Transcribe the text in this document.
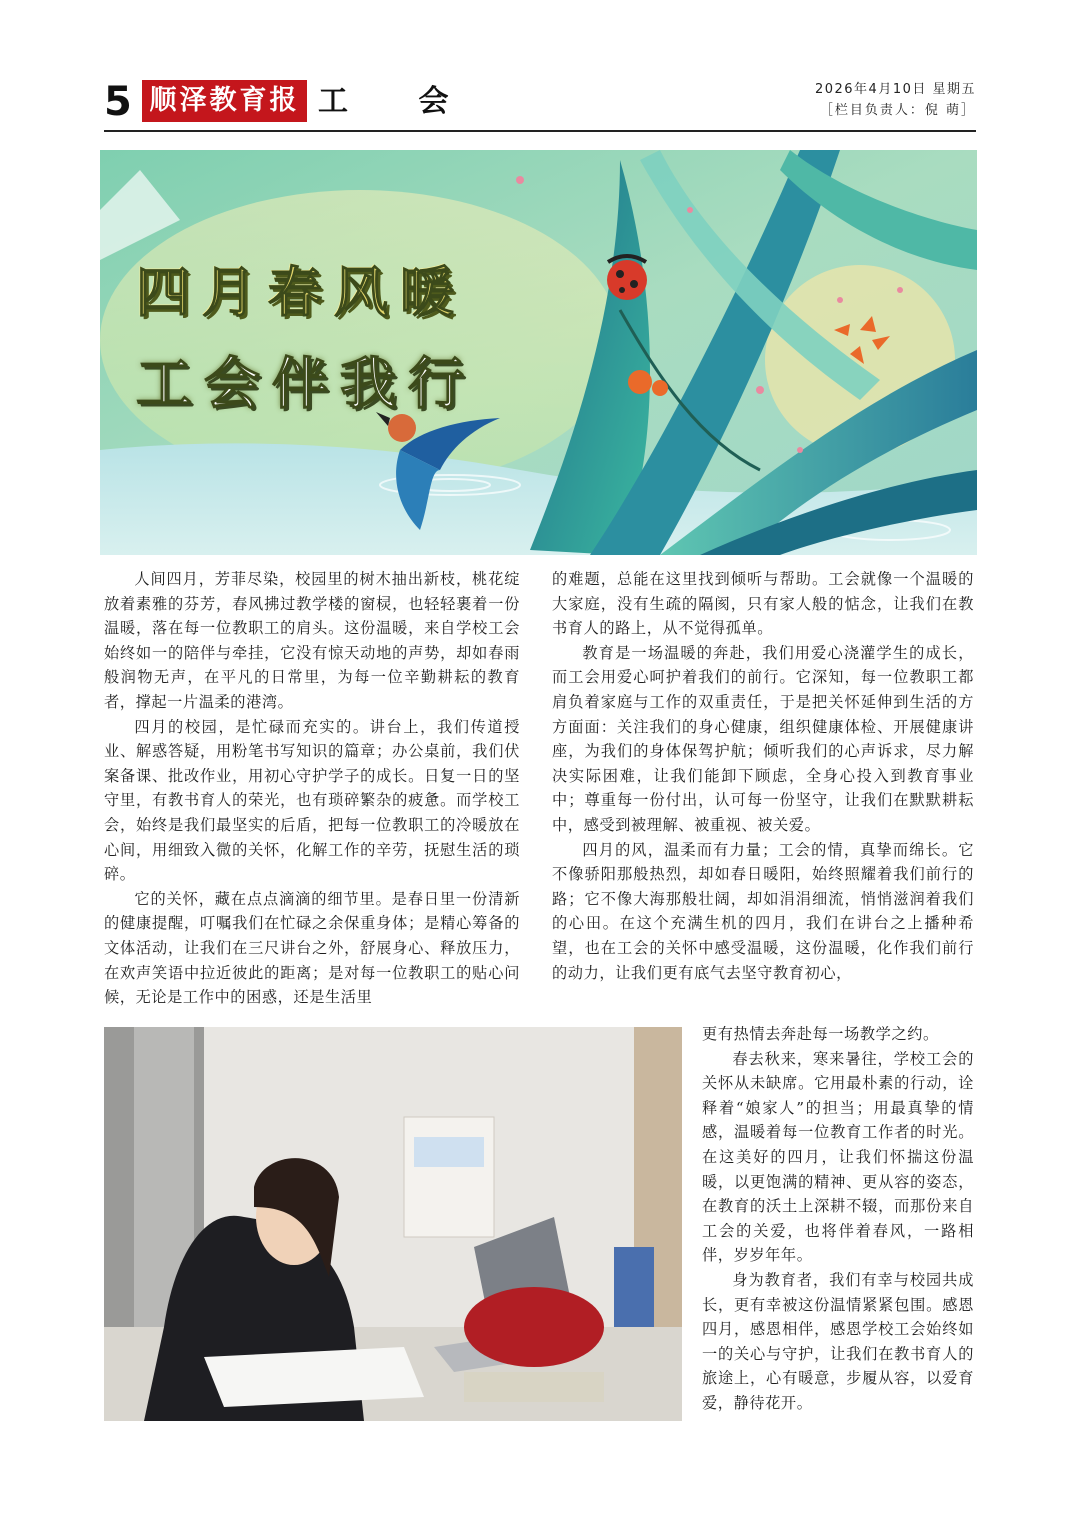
5 顺泽教育报 工 会	2026年4月10日 星期五
［栏目负责人：倪 萌］
四月春风暖
工会伴我行

人间四月，芳菲尽染，校园里的树木抽出新枝，桃花绽放着素雅的芬芳，春风拂过教学楼的窗棂，也轻轻裹着一份温暖，落在每一位教职工的肩头。这份温暖，来自学校工会始终如一的陪伴与牵挂，它没有惊天动地的声势，却如春雨般润物无声，在平凡的日常里，为每一位辛勤耕耘的教育者，撑起一片温柔的港湾。

四月的校园，是忙碌而充实的。讲台上，我们传道授业、解惑答疑，用粉笔书写知识的篇章；办公桌前，我们伏案备课、批改作业，用初心守护学子的成长。日复一日的坚守里，有教书育人的荣光，也有琐碎繁杂的疲惫。而学校工会，始终是我们最坚实的后盾，把每一位教职工的冷暖放在心间，用细致入微的关怀，化解工作的辛劳，抚慰生活的琐碎。

它的关怀，藏在点点滴滴的细节里。是春日里一份清新的健康提醒，叮嘱我们在忙碌之余保重身体；是精心筹备的文体活动，让我们在三尺讲台之外，舒展身心、释放压力，在欢声笑语中拉近彼此的距离；是对每一位教职工的贴心问候，无论是工作中的困惑，还是生活里

的难题，总能在这里找到倾听与帮助。工会就像一个温暖的大家庭，没有生疏的隔阂，只有家人般的惦念，让我们在教书育人的路上，从不觉得孤单。

教育是一场温暖的奔赴，我们用爱心浇灌学生的成长，而工会用爱心呵护着我们的前行。它深知，每一位教职工都肩负着家庭与工作的双重责任，于是把关怀延伸到生活的方方面面：关注我们的身心健康，组织健康体检、开展健康讲座，为我们的身体保驾护航；倾听我们的心声诉求，尽力解决实际困难，让我们能卸下顾虑，全身心投入到教育事业中；尊重每一份付出，认可每一份坚守，让我们在默默耕耘中，感受到被理解、被重视、被关爱。

四月的风，温柔而有力量；工会的情，真挚而绵长。它不像骄阳那般热烈，却如春日暖阳，始终照耀着我们前行的路；它不像大海那般壮阔，却如涓涓细流，悄悄滋润着我们的心田。在这个充满生机的四月，我们在讲台之上播种希望，也在工会的关怀中感受温暖，这份温暖，化作我们前行的动力，让我们更有底气去坚守教育初心，

更有热情去奔赴每一场教学之约。

春去秋来，寒来暑往，学校工会的关怀从未缺席。它用最朴素的行动，诠释着“娘家人”的担当；用最真挚的情感，温暖着每一位教育工作者的时光。在这美好的四月，让我们怀揣这份温暖，以更饱满的精神、更从容的姿态，在教育的沃土上深耕不辍，而那份来自工会的关爱，也将伴着春风，一路相伴，岁岁年年。

身为教育者，我们有幸与校园共成长，更有幸被这份温情紧紧包围。感恩四月，感恩相伴，感恩学校工会始终如一的关心与守护，让我们在教书育人的旅途上，心有暖意，步履从容，以爱育爱，静待花开。
